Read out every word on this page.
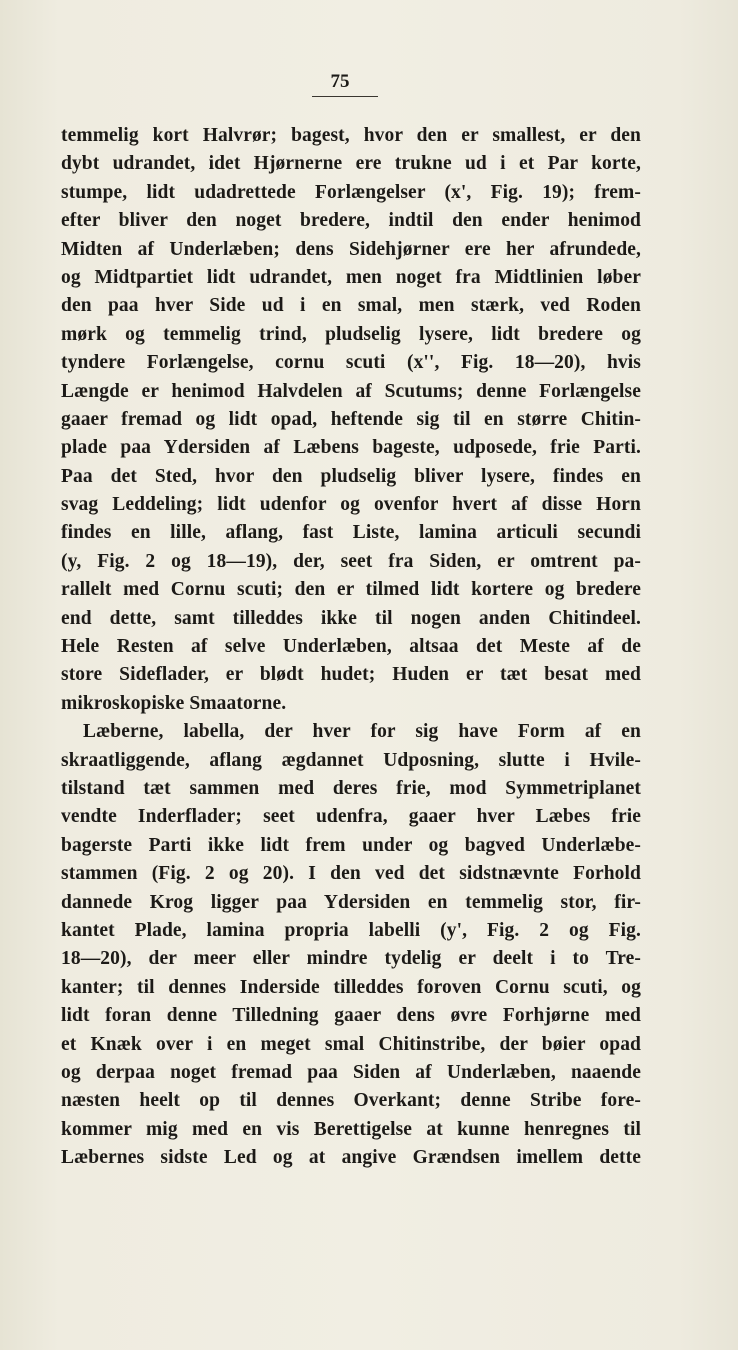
75
temmelig kort Halvrør; bagest, hvor den er smallest, er den
dybt udrandet, idet Hjørnerne ere trukne ud i et Par korte,
stumpe, lidt udadrettede Forlængelser (x', Fig. 19); frem-
efter bliver den noget bredere, indtil den ender henimod
Midten af Underlæben; dens Sidehjørner ere her afrundede,
og Midtpartiet lidt udrandet, men noget fra Midtlinien løber
den paa hver Side ud i en smal, men stærk, ved Roden
mørk og temmelig trind, pludselig lysere, lidt bredere og
tyndere Forlængelse, cornu scuti (x'', Fig. 18—20), hvis
Længde er henimod Halvdelen af Scutums; denne Forlængelse
gaaer fremad og lidt opad, heftende sig til en større Chitin-
plade paa Ydersiden af Læbens bageste, udposede, frie Parti.
Paa det Sted, hvor den pludselig bliver lysere, findes en
svag Leddeling; lidt udenfor og ovenfor hvert af disse Horn
findes en lille, aflang, fast Liste, lamina articuli secundi
(y, Fig. 2 og 18—19), der, seet fra Siden, er omtrent pa-
rallelt med Cornu scuti; den er tilmed lidt kortere og bredere
end dette, samt tilleddes ikke til nogen anden Chitindeel.
Hele Resten af selve Underlæben, altsaa det Meste af de
store Sideflader, er blødt hudet; Huden er tæt besat med
mikroskopiske Smaatorne.
Læberne, labella, der hver for sig have Form af en
skraatliggende, aflang ægdannet Udposning, slutte i Hvile-
tilstand tæt sammen med deres frie, mod Symmetriplanet
vendte Inderflader; seet udenfra, gaaer hver Læbes frie
bagerste Parti ikke lidt frem under og bagved Underlæbe-
stammen (Fig. 2 og 20). I den ved det sidstnævnte Forhold
dannede Krog ligger paa Ydersiden en temmelig stor, fir-
kantet Plade, lamina propria labelli (y', Fig. 2 og Fig.
18—20), der meer eller mindre tydelig er deelt i to Tre-
kanter; til dennes Inderside tilleddes foroven Cornu scuti, og
lidt foran denne Tilledning gaaer dens øvre Forhjørne med
et Knæk over i en meget smal Chitinstribe, der bøier opad
og derpaa noget fremad paa Siden af Underlæben, naaende
næsten heelt op til dennes Overkant; denne Stribe fore-
kommer mig med en vis Berettigelse at kunne henregnes til
Læbernes sidste Led og at angive Grændsen imellem dette
